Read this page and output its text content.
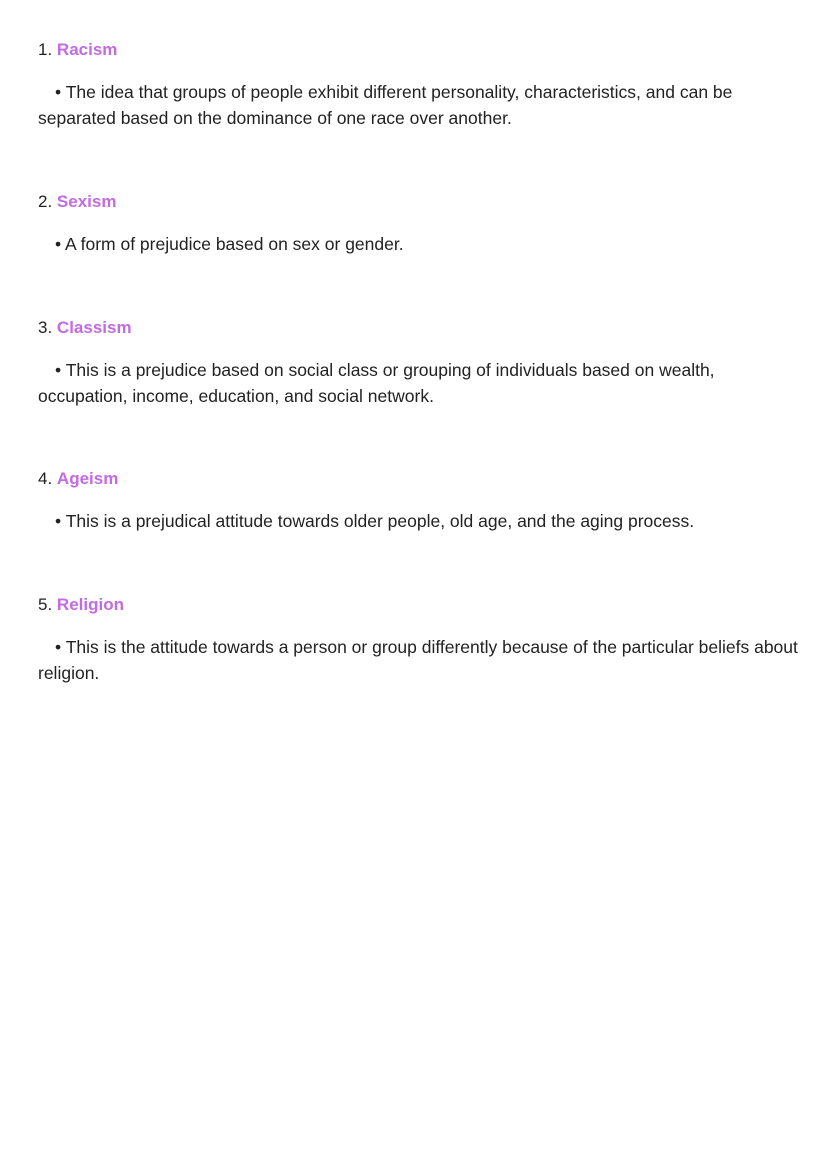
1. Racism
• The idea that groups of people exhibit different personality, characteristics, and can be separated based on the dominance of one race over another.
2. Sexism
• A form of prejudice based on sex or gender.
3. Classism
• This is a prejudice based on social class or grouping of individuals based on wealth, occupation, income, education, and social network.
4. Ageism
• This is a prejudical attitude towards older people, old age, and the aging process.
5. Religion
• This is the attitude towards a person or group differently because of the particular beliefs about religion.
